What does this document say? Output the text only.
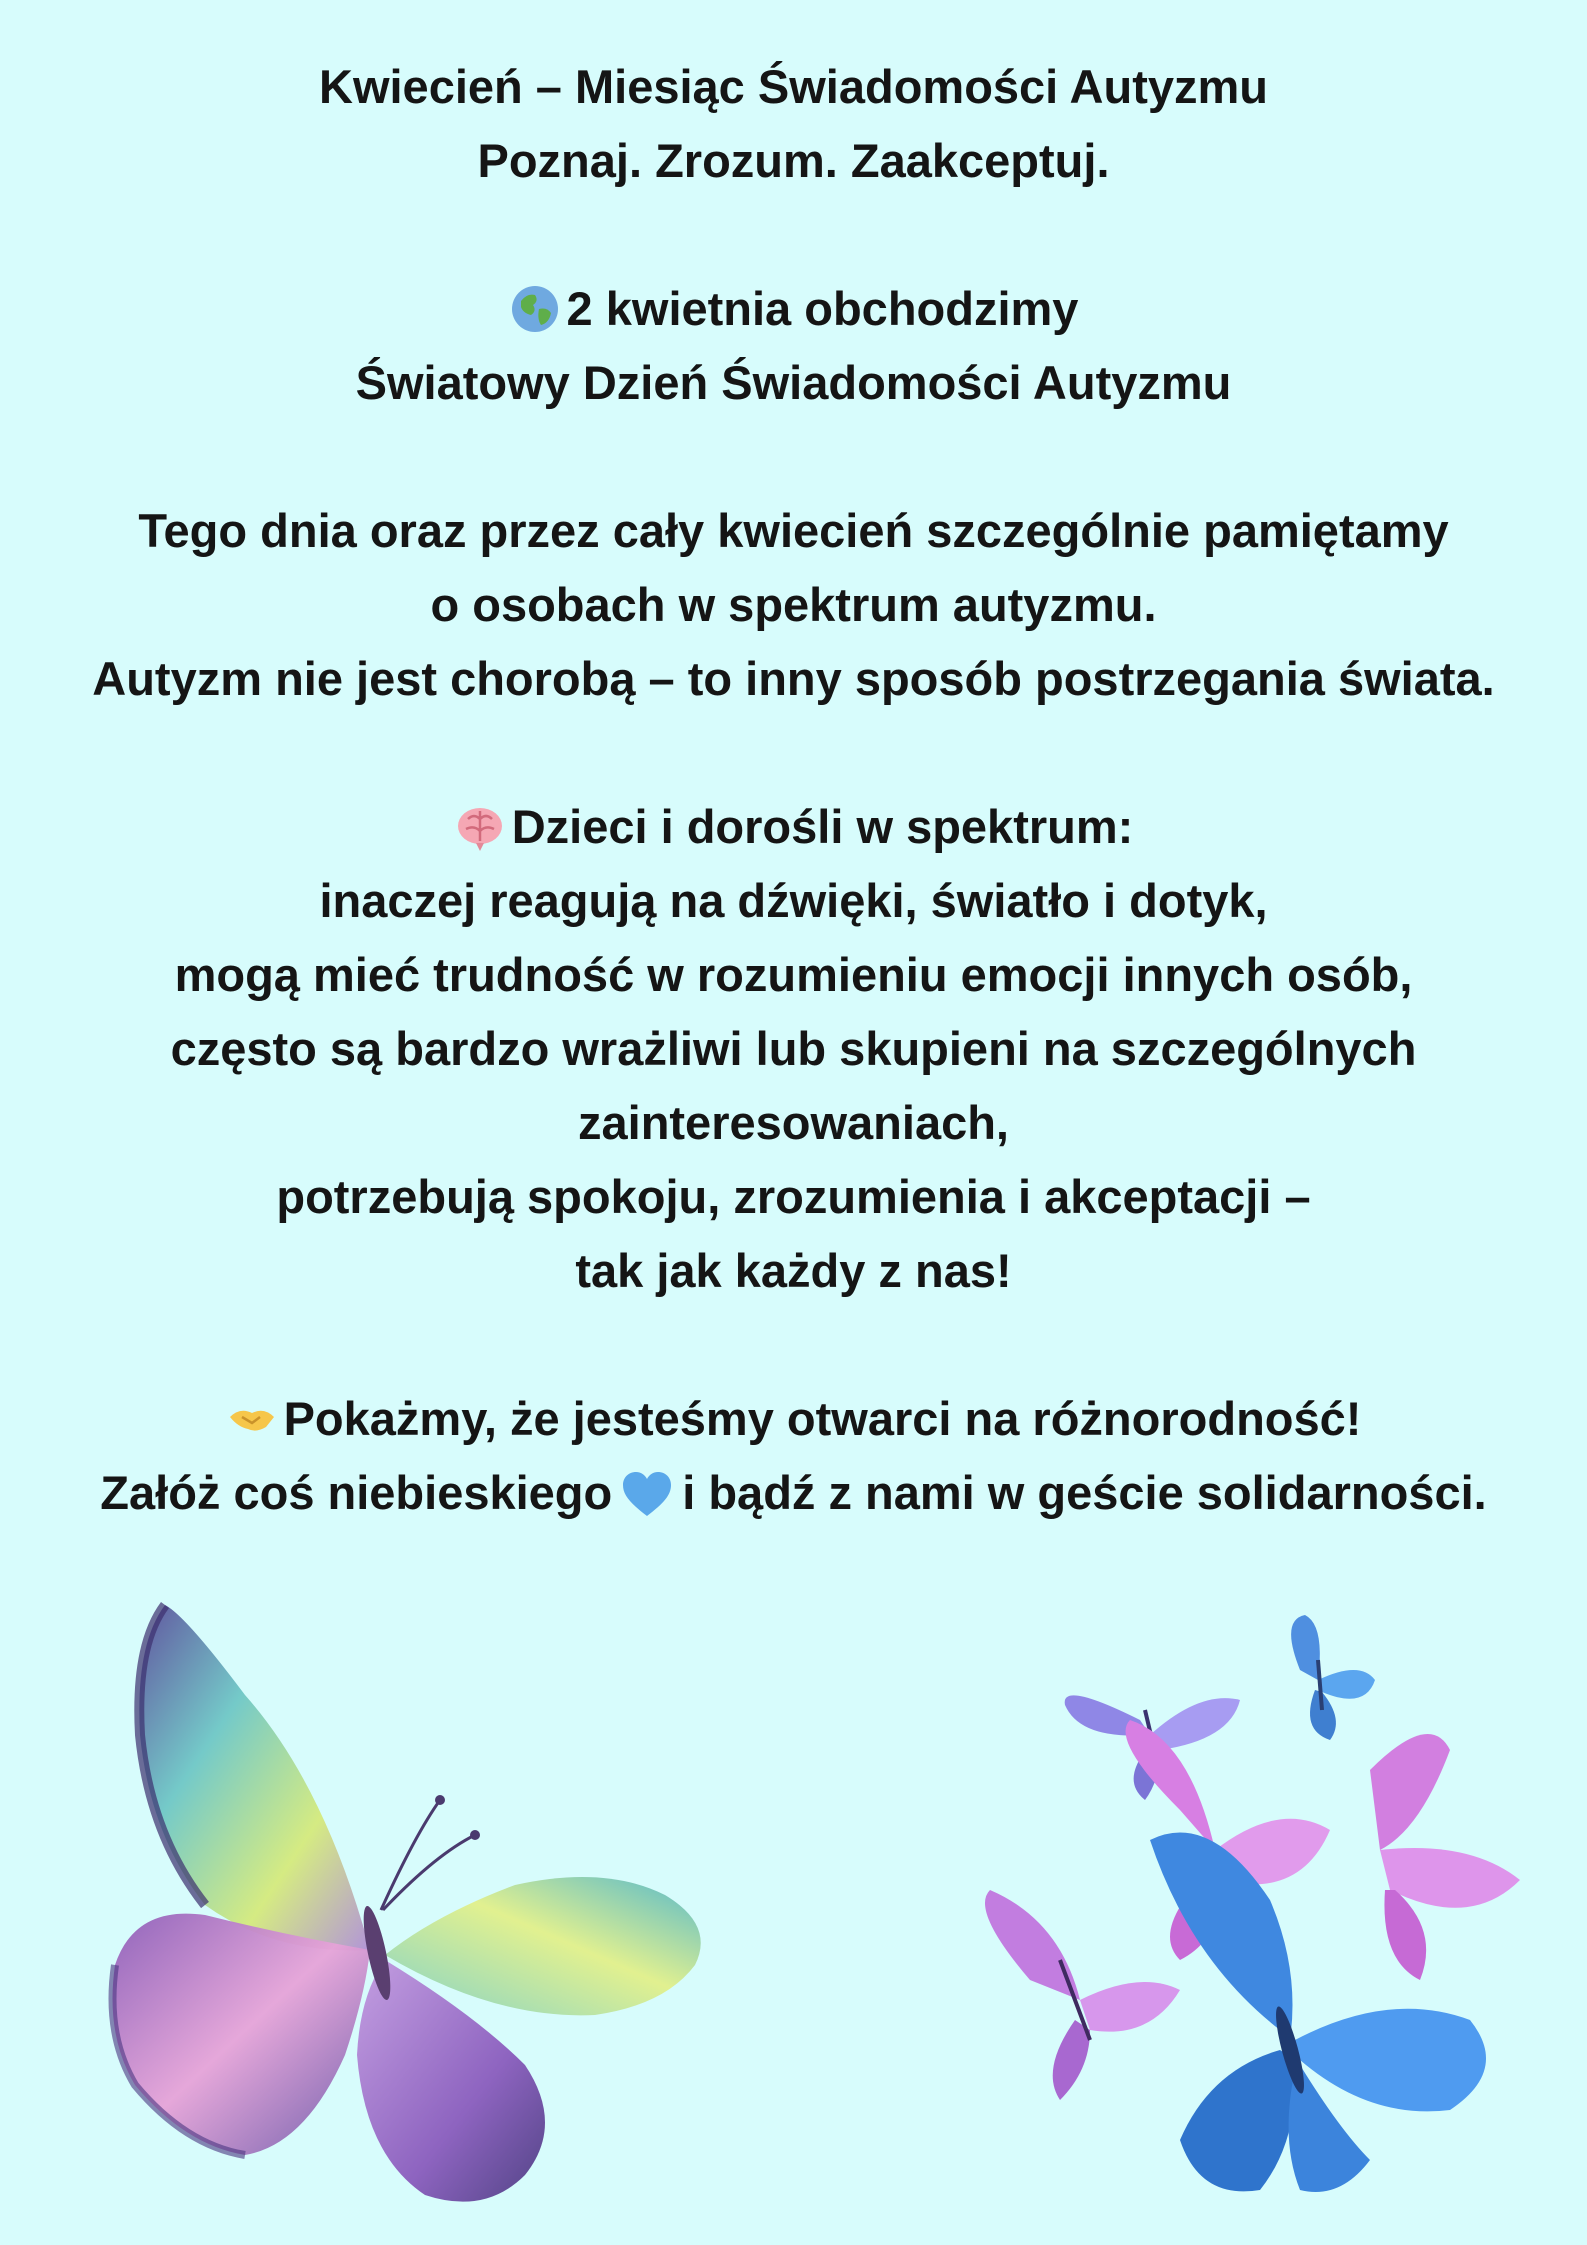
Kwiecień – Miesiąc Świadomości Autyzmu
Poznaj. Zrozum. Zaakceptuj.
2 kwietnia obchodzimy
Światowy Dzień Świadomości Autyzmu
Tego dnia oraz przez cały kwiecień szczególnie pamiętamy
o osobach w spektrum autyzmu.
Autyzm nie jest chorobą – to inny sposób postrzegania świata.
Dzieci i dorośli w spektrum:
inaczej reagują na dźwięki, światło i dotyk,
mogą mieć trudność w rozumieniu emocji innych osób,
często są bardzo wrażliwi lub skupieni na szczególnych
zainteresowaniach,
potrzebują spokoju, zrozumienia i akceptacji –
tak jak każdy z nas!
Pokażmy, że jesteśmy otwarci na różnorodność!
Załóż coś niebieskiego i bądź z nami w geście solidarności.
